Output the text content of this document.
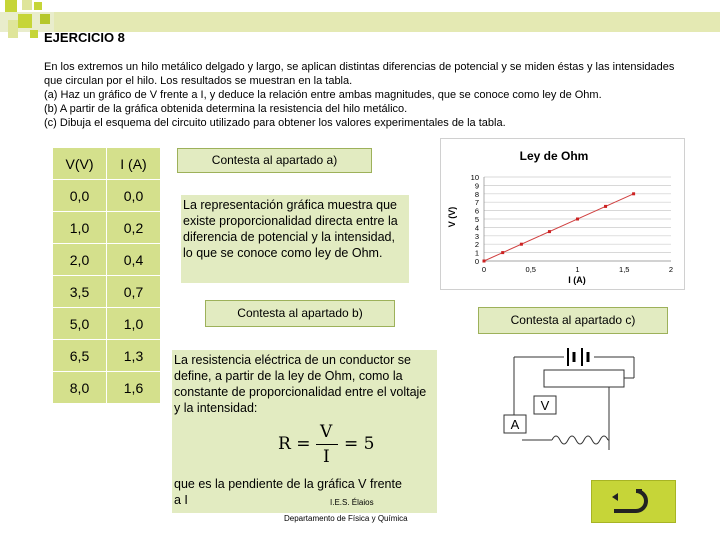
EJERCICIO 8

En los extremos un hilo metálico delgado y largo, se aplican distintas diferencias de potencial y se miden éstas y las intensidades que circulan por el hilo. Los resultados se muestran en la tabla.

(a) Haz un gráfico de V frente a I, y deduce la relación entre ambas magnitudes, que se conoce como ley de Ohm.

(b) A partir de la gráfica obtenida determina la resistencia del hilo metálico.

(c) Dibuja el esquema del circuito utilizado para obtener los valores experimentales de la tabla.

V(V)	I (A)
0,0	0,0
1,0	0,2
2,0	0,4
3,5	0,7
5,0	1,0
6,5	1,3
8,0	1,6
Contesta al apartado a)
La representación gráfica muestra que existe proporcionalidad directa entre la diferencia de potencial y la intensidad, lo que se conoce como ley de Ohm.
Ley de Ohm
V (V)
I (A)
0
1
2
3
4
5
6
7
8
9
10
0	0,5	1	1,5	2
Contesta al apartado b)	Contesta al apartado c)
La resistencia eléctrica de un conductor se define, a partir de la ley de Ohm, como la constante de proporcionalidad entre el voltaje y la intensidad:
R =
V
I
= 5
que es la pendiente de la gráfica V frente a I	I.E.S. Élaios
Departamento de Física y Química
V
A
